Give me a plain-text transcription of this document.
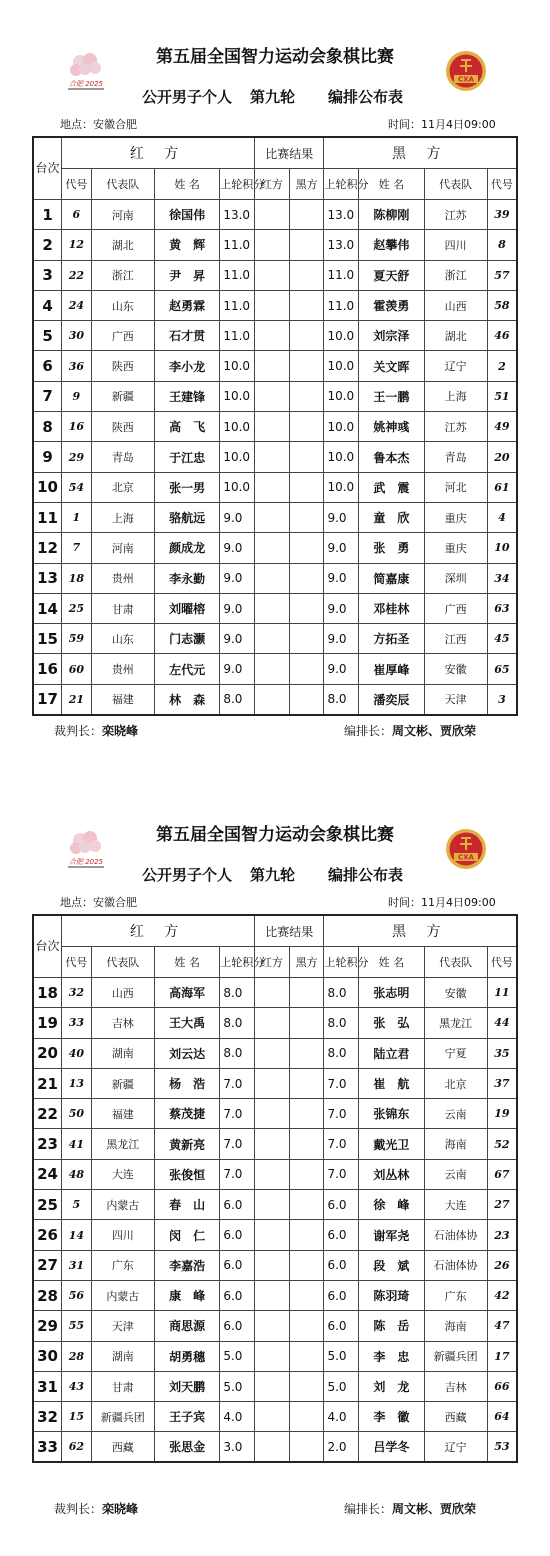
合肥 2025
第五届全国智力运动会象棋比赛
CXA
公开男子个人 第九轮 编排公布表
地点：安徽合肥	时间：11月4日09:00
台次	红 方				比赛结果		黑 方			
	代号	代表队	姓 名	上轮积分	红方	黑方	上轮积分	姓 名	代表队	代号
1	6	河南	徐国伟	13.0			13.0	陈柳刚	江苏	39
2	12	湖北	黄　辉	11.0			13.0	赵攀伟	四川	8
3	22	浙江	尹　昇	11.0			11.0	夏天舒	浙江	57
4	24	山东	赵勇霖	11.0			11.0	霍羡勇	山西	58
5	30	广西	石才贯	11.0			10.0	刘宗泽	湖北	46
6	36	陕西	李小龙	10.0			10.0	关文晖	辽宁	2
7	9	新疆	王建锋	10.0			10.0	王一鹏	上海	51
8	16	陕西	高　飞	10.0			10.0	姚神彧	江苏	49
9	29	青岛	于江忠	10.0			10.0	鲁本杰	青岛	20
10	54	北京	张一男	10.0			10.0	武　震	河北	61
11	1	上海	骆航远	9.0			9.0	童　欣	重庆	4
12	7	河南	颜成龙	9.0			9.0	张　勇	重庆	10
13	18	贵州	李永勤	9.0			9.0	简嘉康	深圳	34
14	25	甘肃	刘曜榕	9.0			9.0	邓桂林	广西	63
15	59	山东	门志灏	9.0			9.0	方拓圣	江西	45
16	60	贵州	左代元	9.0			9.0	崔厚峰	安徽	65
17	21	福建	林　森	8.0			8.0	潘奕辰	天津	3
裁判长：栾晓峰	编排长：周文彬、贾欣荣
合肥 2025
第五届全国智力运动会象棋比赛
CXA
公开男子个人 第九轮 编排公布表
地点：安徽合肥	时间：11月4日09:00
台次	红 方				比赛结果		黑 方			
	代号	代表队	姓 名	上轮积分	红方	黑方	上轮积分	姓 名	代表队	代号
18	32	山西	高海军	8.0			8.0	张志明	安徽	11
19	33	吉林	王大禹	8.0			8.0	张　弘	黑龙江	44
20	40	湖南	刘云达	8.0			8.0	陆立君	宁夏	35
21	13	新疆	杨　浩	7.0			7.0	崔　航	北京	37
22	50	福建	蔡茂捷	7.0			7.0	张锦东	云南	19
23	41	黑龙江	黄新亮	7.0			7.0	戴光卫	海南	52
24	48	大连	张俊恒	7.0			7.0	刘丛林	云南	67
25	5	内蒙古	春　山	6.0			6.0	徐　峰	大连	27
26	14	四川	闵　仁	6.0			6.0	谢军尧	石油体协	23
27	31	广东	李嘉浩	6.0			6.0	段　斌	石油体协	26
28	56	内蒙古	康　峰	6.0			6.0	陈羽琦	广东	42
29	55	天津	商思源	6.0			6.0	陈　岳	海南	47
30	28	湖南	胡勇穗	5.0			5.0	李　忠	新疆兵团	17
31	43	甘肃	刘天鹏	5.0			5.0	刘　龙	吉林	66
32	15	新疆兵团	王子宾	4.0			4.0	李　徽	西藏	64
33	62	西藏	张思金	3.0			2.0	吕学冬	辽宁	53
裁判长：栾晓峰	编排长：周文彬、贾欣荣
